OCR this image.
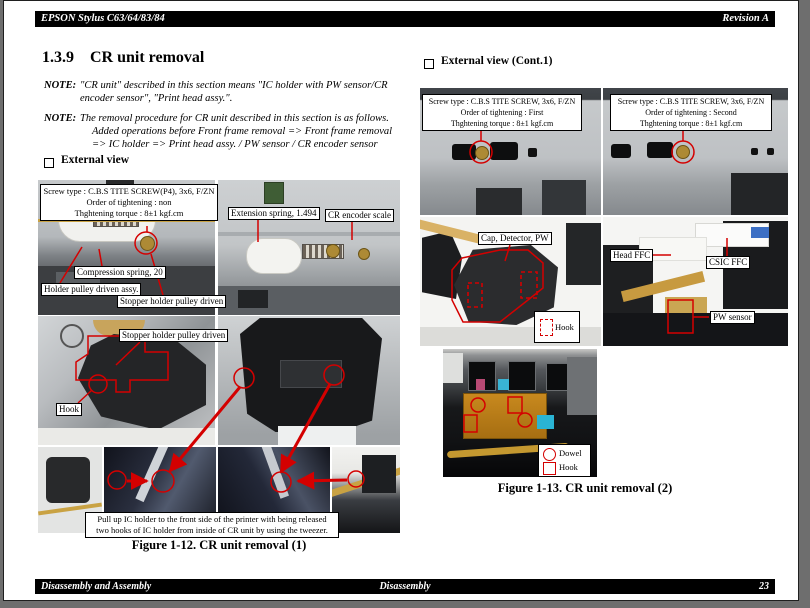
EPSON Stylus C63/64/83/84	Revision A
1.3.9 CR unit removal
NOTE: "CR unit" described in this section means "IC holder with PW sensor/CR
encoder sensor", "Print head assy.".
NOTE: The removal procedure for CR unit described in this section is as follows.
Added operations before Front frame removal => Front frame removal
=> IC holder => Print head assy. / PW sensor / CR encoder sensor
External view
External view (Cont.1)
Screw type : C.B.S TITE SCREW(P4), 3x6, F/ZN
Order of tightening : non
Thghtening torque : 8±1 kgf.cm	Extension spring, 1.494	CR encoder scale
Compression spring, 20
Holder pulley driven assy.
Stopper holder pulley driven
Stopper holder pulley driven
Hook
Pull up IC holder to the front side of the printer with being released
two hooks of IC holder from inside of CR unit by using the tweezer.
Figure 1-12. CR unit removal (1)
Screw type : C.B.S TITE SCREW, 3x6, F/ZN
Order of tightening : First
Thghtening torque : 8±1 kgf.cm
Screw type : C.B.S TITE SCREW, 3x6, F/ZN
Order of tightening : Second
Thghtening torque : 8±1 kgf.cm
Cap, Detector, PW
Head FFC
CSIC FFC
PW sensor
Hook
Dowel
Hook
Figure 1-13. CR unit removal (2)
Disassembly and Assembly	Disassembly	23
